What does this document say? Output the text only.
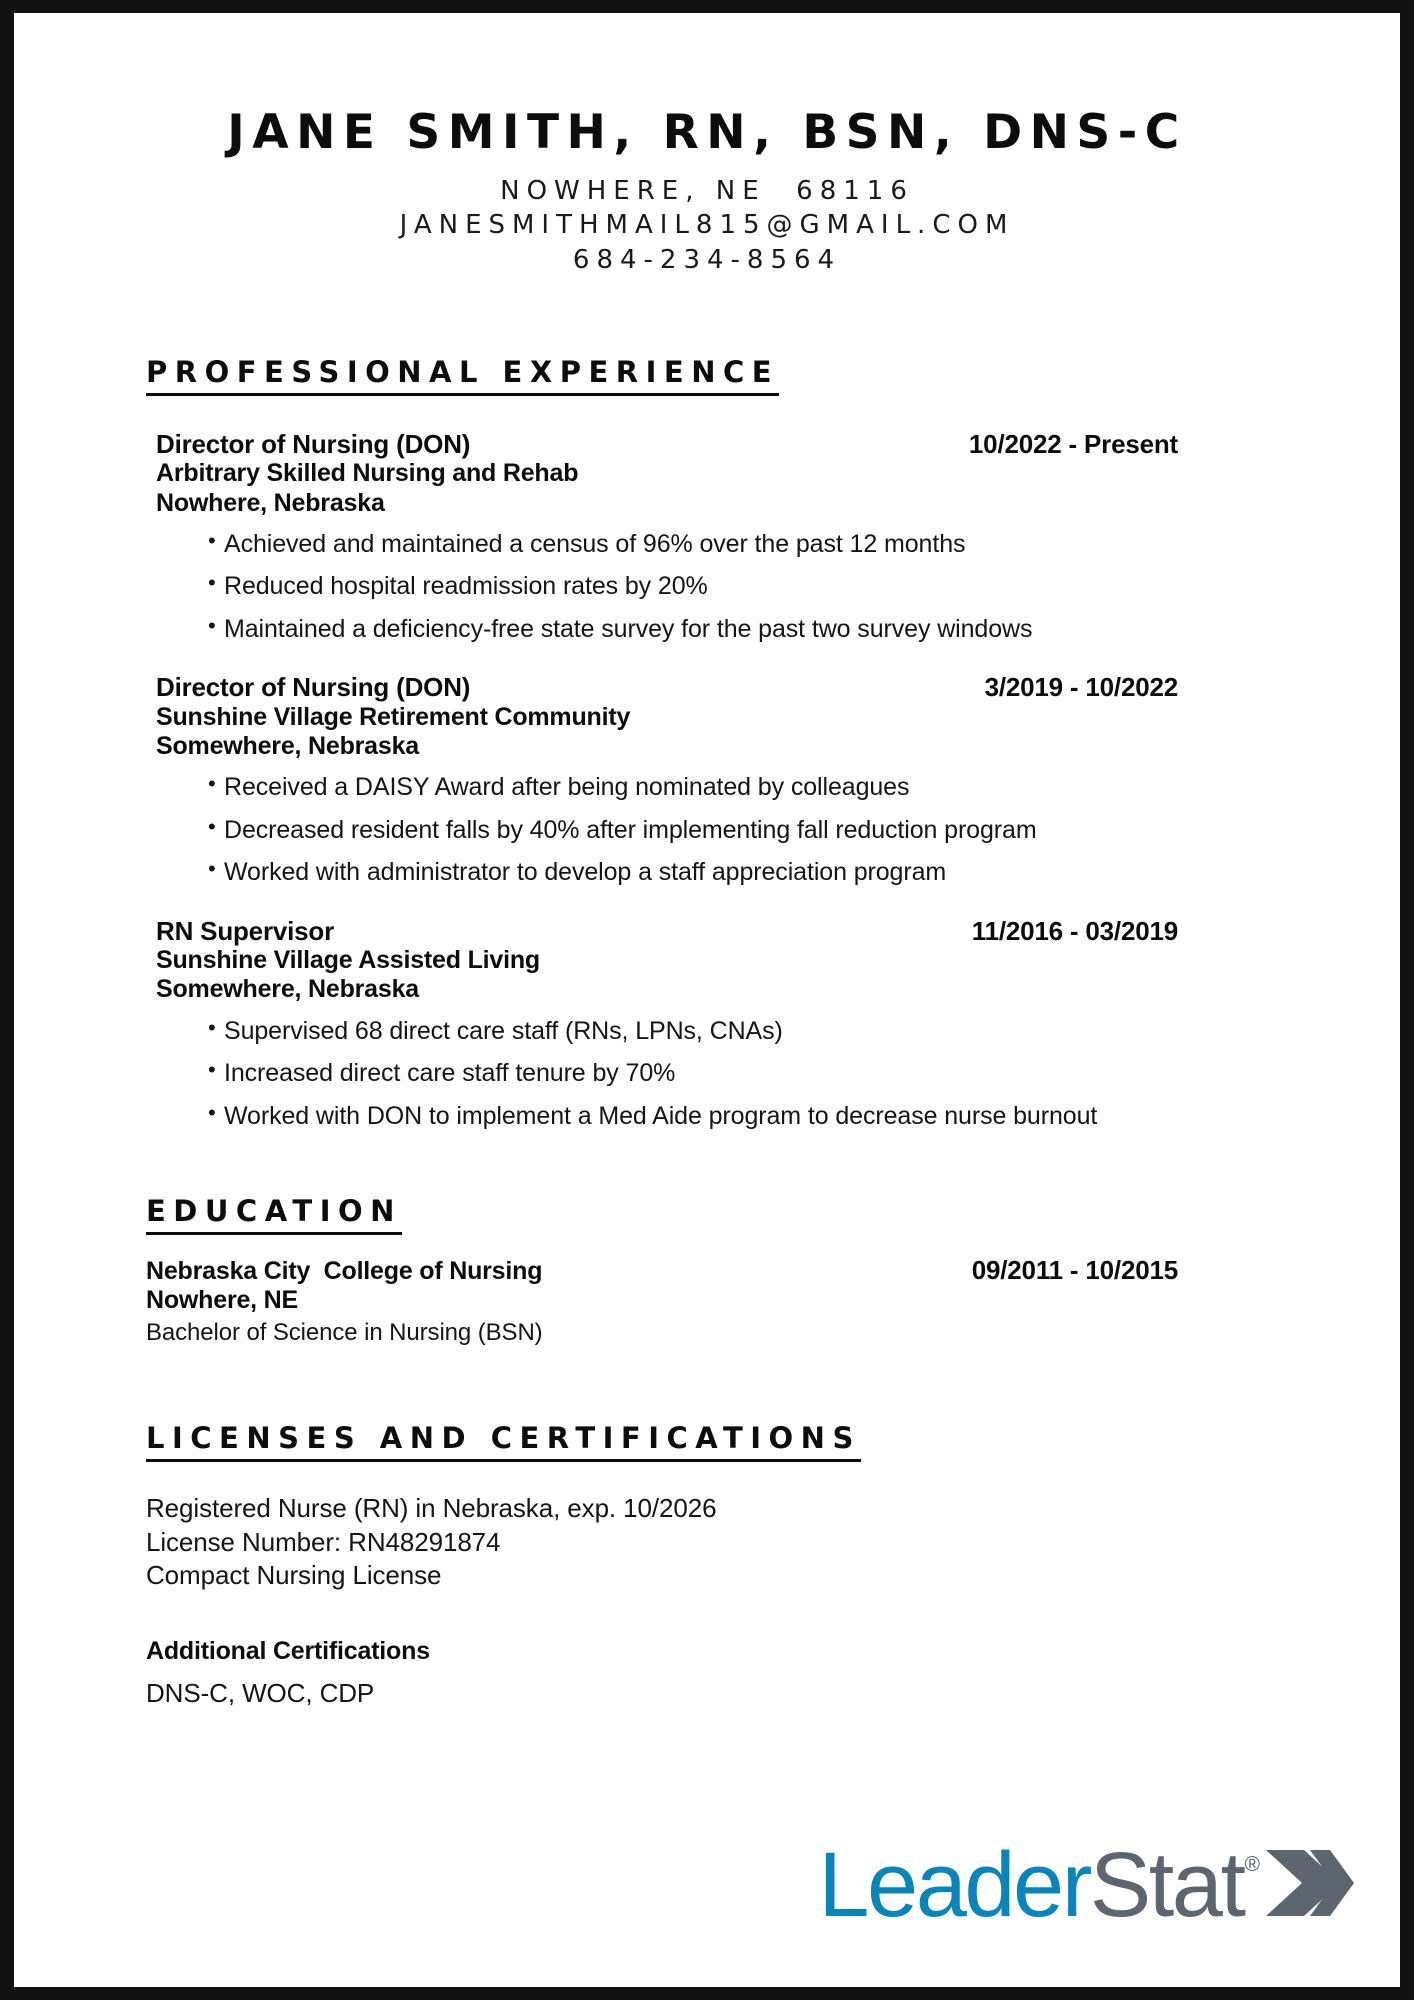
JANE SMITH, RN, BSN, DNS-C
NOWHERE, NE  68116
JANESMITHMAIL815@GMAIL.COM
684-234-8564
PROFESSIONAL EXPERIENCE
Director of Nursing (DON)	10/2022 - Present
Arbitrary Skilled Nursing and Rehab
Nowhere, Nebraska
• Achieved and maintained a census of 96% over the past 12 months
• Reduced hospital readmission rates by 20%
• Maintained a deficiency-free state survey for the past two survey windows
Director of Nursing (DON)	3/2019 - 10/2022
Sunshine Village Retirement Community
Somewhere, Nebraska
• Received a DAISY Award after being nominated by colleagues
• Decreased resident falls by 40% after implementing fall reduction program
• Worked with administrator to develop a staff appreciation program
RN Supervisor	11/2016 - 03/2019
Sunshine Village Assisted Living
Somewhere, Nebraska
• Supervised 68 direct care staff (RNs, LPNs, CNAs)
• Increased direct care staff tenure by 70%
• Worked with DON to implement a Med Aide program to decrease nurse burnout
EDUCATION
Nebraska City  College of Nursing	09/2011 - 10/2015
Nowhere, NE
Bachelor of Science in Nursing (BSN)
LICENSES AND CERTIFICATIONS
Registered Nurse (RN) in Nebraska, exp. 10/2026
License Number: RN48291874
Compact Nursing License
Additional Certifications
DNS-C, WOC, CDP
Leader Stat ®
